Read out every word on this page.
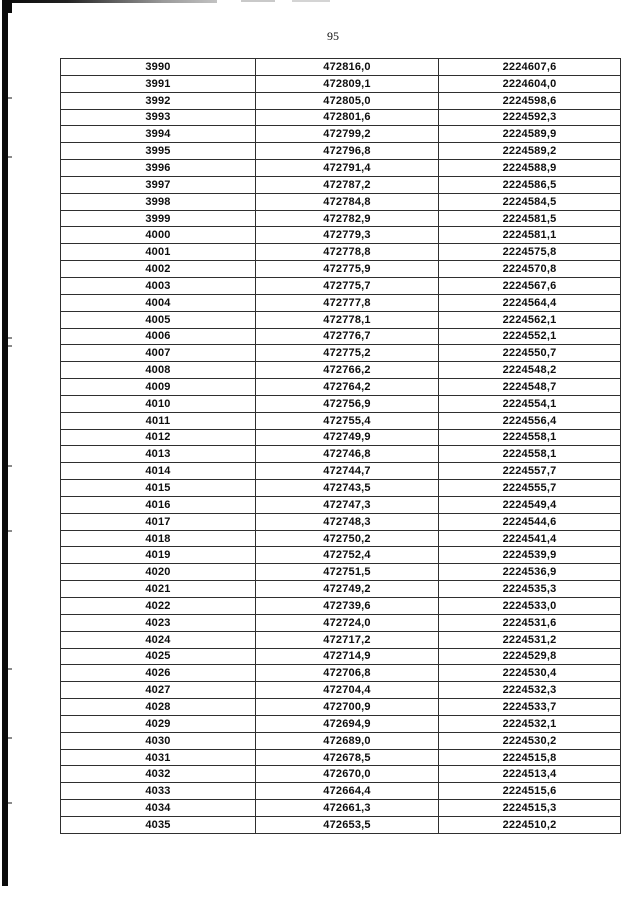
95
3990	472816,0	2224607,6
3991	472809,1	2224604,0
3992	472805,0	2224598,6
3993	472801,6	2224592,3
3994	472799,2	2224589,9
3995	472796,8	2224589,2
3996	472791,4	2224588,9
3997	472787,2	2224586,5
3998	472784,8	2224584,5
3999	472782,9	2224581,5
4000	472779,3	2224581,1
4001	472778,8	2224575,8
4002	472775,9	2224570,8
4003	472775,7	2224567,6
4004	472777,8	2224564,4
4005	472778,1	2224562,1
4006	472776,7	2224552,1
4007	472775,2	2224550,7
4008	472766,2	2224548,2
4009	472764,2	2224548,7
4010	472756,9	2224554,1
4011	472755,4	2224556,4
4012	472749,9	2224558,1
4013	472746,8	2224558,1
4014	472744,7	2224557,7
4015	472743,5	2224555,7
4016	472747,3	2224549,4
4017	472748,3	2224544,6
4018	472750,2	2224541,4
4019	472752,4	2224539,9
4020	472751,5	2224536,9
4021	472749,2	2224535,3
4022	472739,6	2224533,0
4023	472724,0	2224531,6
4024	472717,2	2224531,2
4025	472714,9	2224529,8
4026	472706,8	2224530,4
4027	472704,4	2224532,3
4028	472700,9	2224533,7
4029	472694,9	2224532,1
4030	472689,0	2224530,2
4031	472678,5	2224515,8
4032	472670,0	2224513,4
4033	472664,4	2224515,6
4034	472661,3	2224515,3
4035	472653,5	2224510,2
